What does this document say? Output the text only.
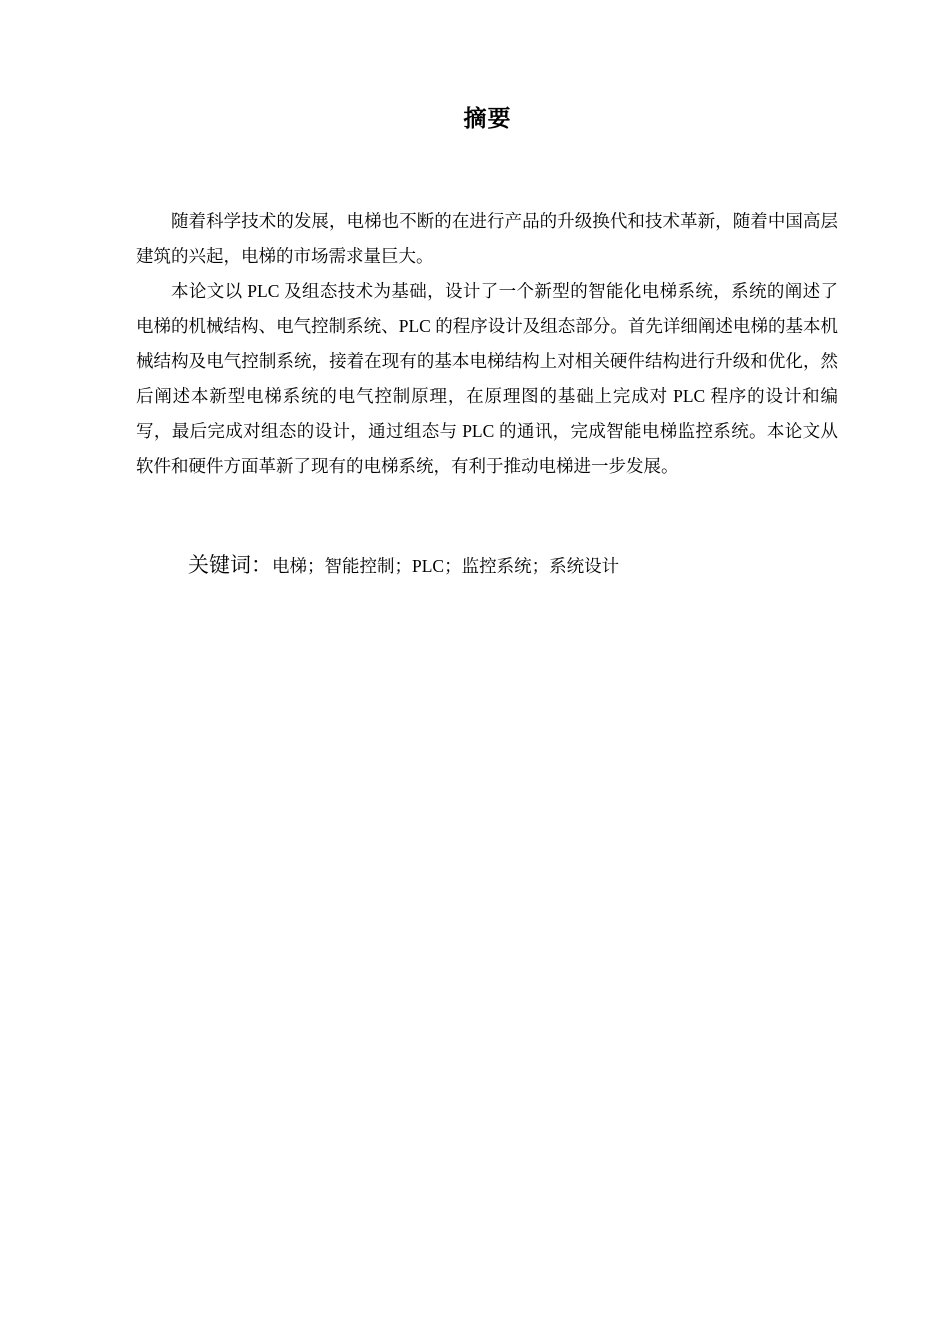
摘要

随着科学技术的发展，电梯也不断的在进行产品的升级换代和技术革新，随着中国高层建筑的兴起，电梯的市场需求量巨大。

本论文以 PLC 及组态技术为基础，设计了一个新型的智能化电梯系统，系统的阐述了电梯的机械结构、电气控制系统、PLC 的程序设计及组态部分。首先详细阐述电梯的基本机械结构及电气控制系统，接着在现有的基本电梯结构上对相关硬件结构进行升级和优化，然后阐述本新型电梯系统的电气控制原理，在原理图的基础上完成对 PLC 程序的设计和编写，最后完成对组态的设计，通过组态与 PLC 的通讯，完成智能电梯监控系统。本论文从软件和硬件方面革新了现有的电梯系统，有利于推动电梯进一步发展。

关键词：电梯；智能控制；PLC；监控系统；系统设计
